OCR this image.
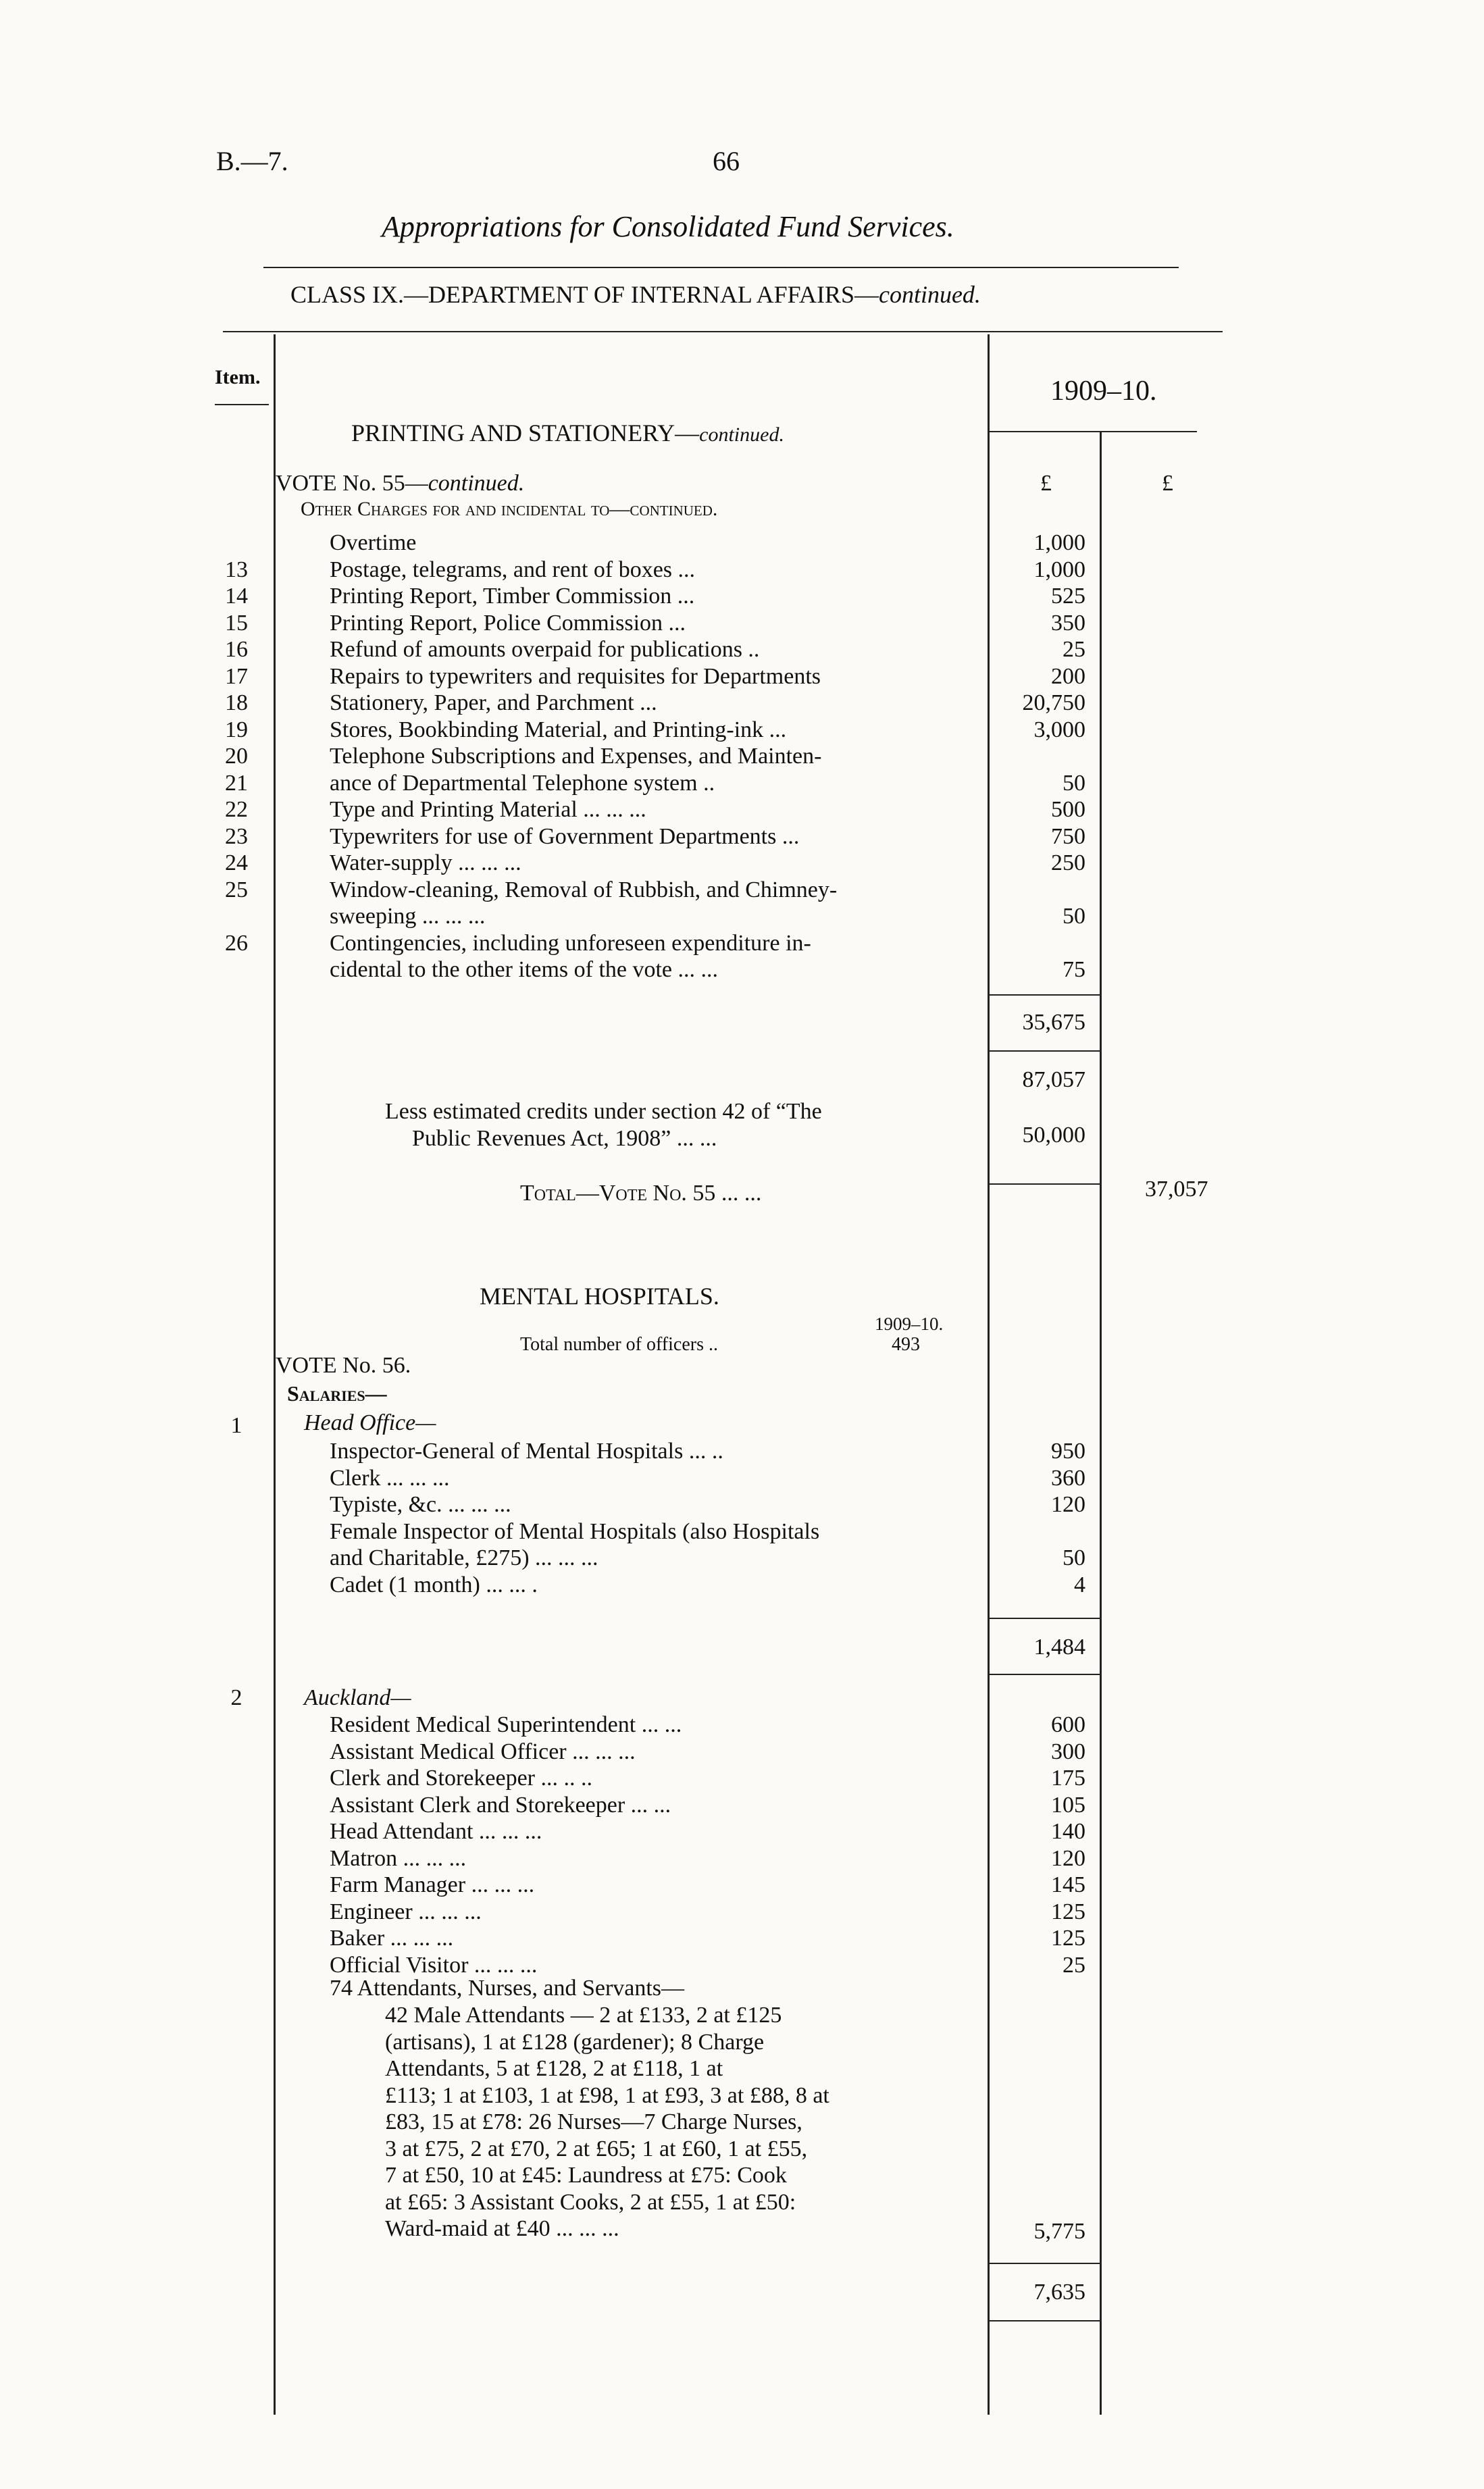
B.—7.	66
Appropriations for Consolidated Fund Services.
CLASS IX.—DEPARTMENT OF INTERNAL AFFAIRS—continued.
Item.	1909–10.
£	£
PRINTING AND STATIONERY—continued.
VOTE No. 55—continued.
Other Charges for and incidental to—continued.
Overtime	1,000
13	Postage, telegrams, and rent of boxes ...	1,000
14	Printing Report, Timber Commission ...	525
15	Printing Report, Police Commission ...	350
16	Refund of amounts overpaid for publications ..	25
17	Repairs to typewriters and requisites for Departments	200
18	Stationery, Paper, and Parchment ...	20,750
19	Stores, Bookbinding Material, and Printing-ink ...	3,000
20	Telephone Subscriptions and Expenses, and Mainten-
21	ance of Departmental Telephone system ..	50
22	Type and Printing Material ... ... ...	500
23	Typewriters for use of Government Departments ...	750
24	Water-supply ... ... ...	250
25	Window-cleaning, Removal of Rubbish, and Chimney-
sweeping ... ... ...	50
26	Contingencies, including unforeseen expenditure in-
cidental to the other items of the vote ... ...	75
35,675
87,057
Less estimated credits under section 42 of “The
Public Revenues Act, 1908” ... ...	50,000
Total—Vote No. 55 ... ...	37,057
MENTAL HOSPITALS.
1909–10.
Total number of officers ..	493
VOTE No. 56.
Salaries—
1	Head Office—
Inspector-General of Mental Hospitals ... ..	950
Clerk ... ... ...	360
Typiste, &c. ... ... ...	120
Female Inspector of Mental Hospitals (also Hospitals
and Charitable, £275) ... ... ...	50
Cadet (1 month) ... ... .	4
1,484
2	Auckland—
Resident Medical Superintendent ... ...	600
Assistant Medical Officer ... ... ...	300
Clerk and Storekeeper ... .. ..	175
Assistant Clerk and Storekeeper ... ...	105
Head Attendant ... ... ...	140
Matron ... ... ...	120
Farm Manager ... ... ...	145
Engineer ... ... ...	125
Baker ... ... ...	125
Official Visitor ... ... ...	25
74 Attendants, Nurses, and Servants—
42 Male Attendants — 2 at £133, 2 at £125
(artisans), 1 at £128 (gardener); 8 Charge
Attendants, 5 at £128, 2 at £118, 1 at
£113; 1 at £103, 1 at £98, 1 at £93, 3 at £88, 8 at
£83, 15 at £78: 26 Nurses—7 Charge Nurses,
3 at £75, 2 at £70, 2 at £65; 1 at £60, 1 at £55,
7 at £50, 10 at £45: Laundress at £75: Cook
at £65: 3 Assistant Cooks, 2 at £55, 1 at £50:
Ward-maid at £40 ... ... ...	5,775
7,635
